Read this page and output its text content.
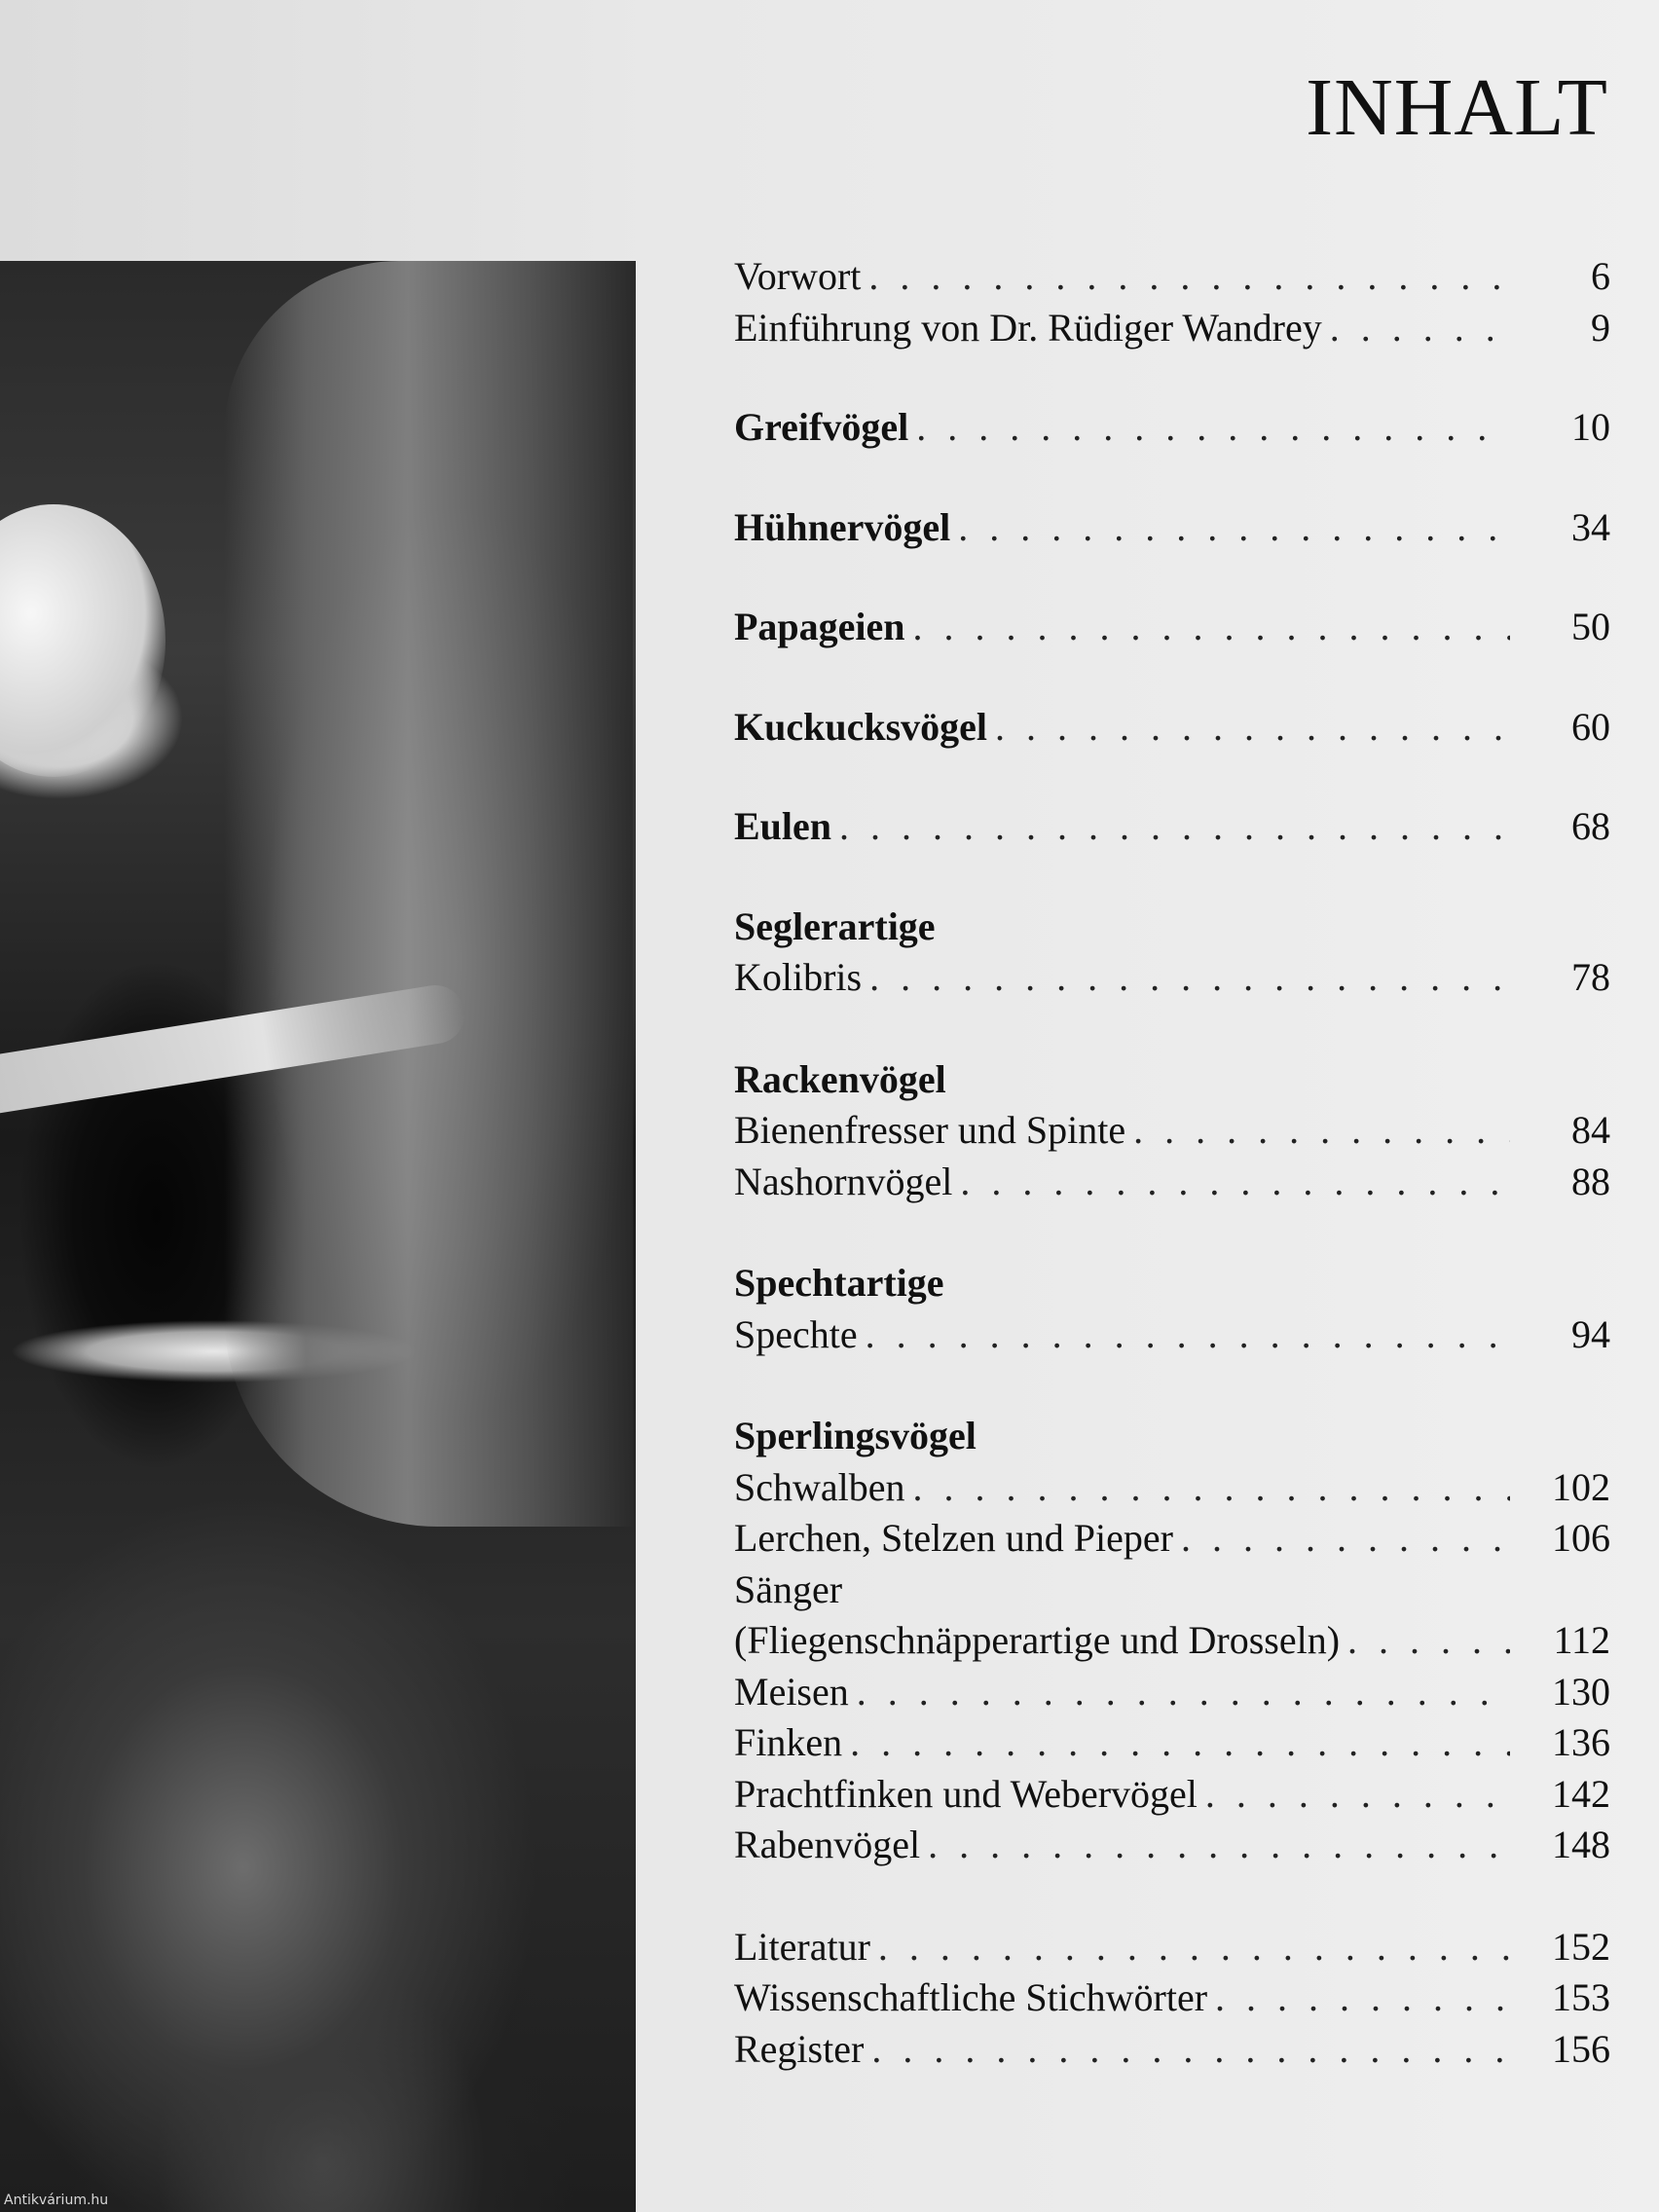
Antikvárium.hu
INHALT
Vorwort . . .	6
Einführung von Dr. Rüdiger Wandrey . . .	9
Greifvögel . . .	10
Hühnervögel . . .	34
Papageien . . .	50
Kuckucksvögel . . .	60
Eulen . . .	68
Seglerartige
Kolibris . . .	78
Rackenvögel
Bienenfresser und Spinte . . .	84
Nashornvögel . . .	88
Spechtartige
Spechte . . .	94
Sperlingsvögel
Schwalben . . .	102
Lerchen, Stelzen und Pieper . . .	106
Sänger
(Fliegenschnäpperartige und Drosseln) . . .	112
Meisen . . .	130
Finken . . .	136
Prachtfinken und Webervögel . . .	142
Rabenvögel . . .	148
Literatur . . .	152
Wissenschaftliche Stichwörter . . .	153
Register . . .	156
